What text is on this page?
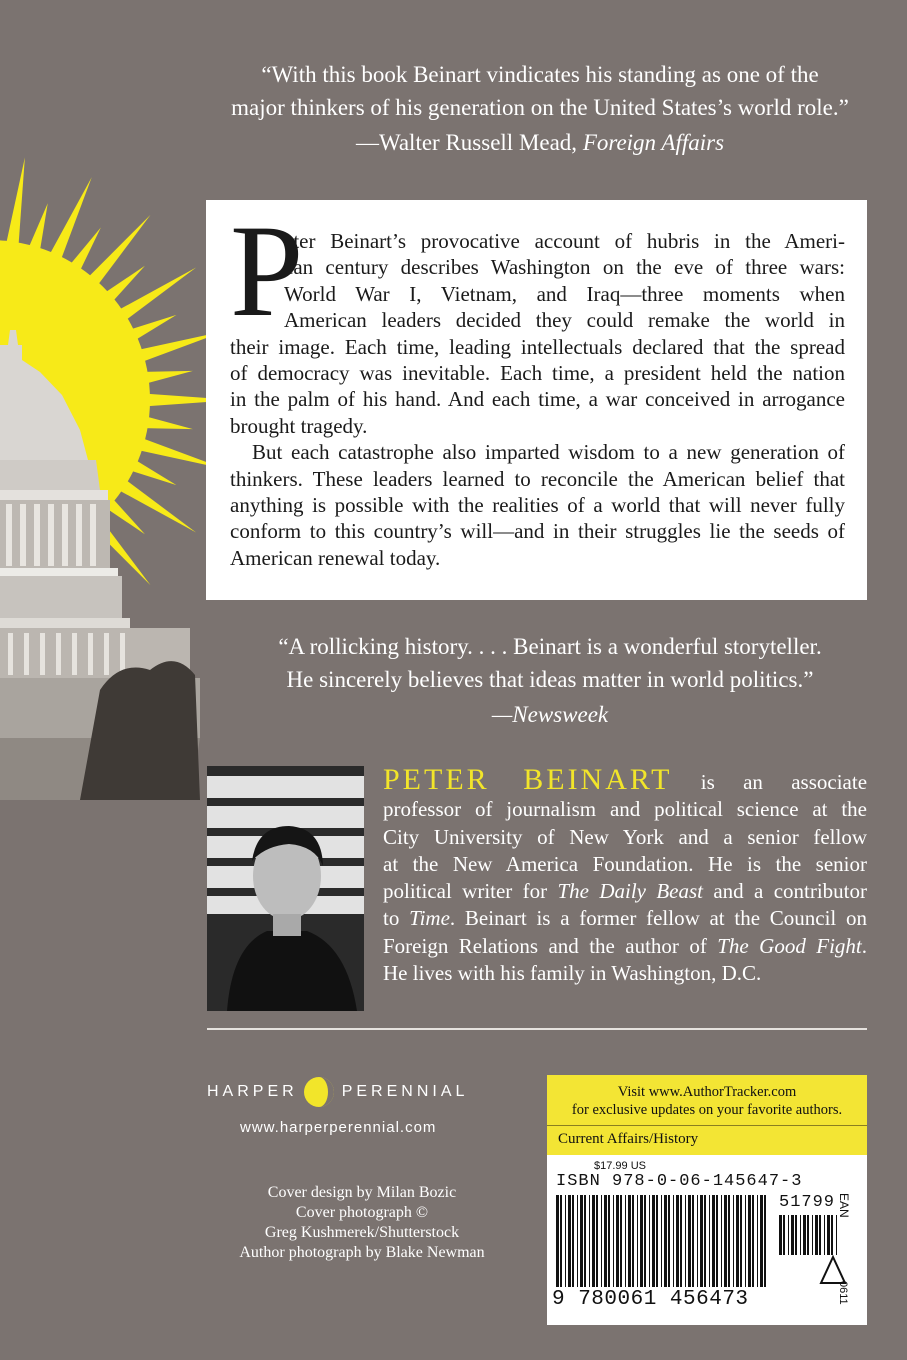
“With this book Beinart vindicates his standing as one of the
major thinkers of his generation on the United States’s world role.”
—Walter Russell Mead, Foreign Affairs
P
eter Beinart’s provocative account of hubris in the Ameri-
can century describes Washington on the eve of three wars:
World War I, Vietnam, and Iraq—three moments when
American leaders decided they could remake the world in
their image. Each time, leading intellectuals declared that the spread
of democracy was inevitable. Each time, a president held the nation
in the palm of his hand. And each time, a war conceived in arrogance
brought tragedy.
But each catastrophe also imparted wisdom to a new generation of
thinkers. These leaders learned to reconcile the American belief that
anything is possible with the realities of a world that will never fully
conform to this country’s will—and in their struggles lie the seeds of
American renewal today.
“A rollicking history. . . . Beinart is a wonderful storyteller.
He sincerely believes that ideas matter in world politics.”
—Newsweek
PETER BEINART is an associate
professor of journalism and political science at the
City University of New York and a senior fellow
at the New America Foundation. He is the senior
political writer for The Daily Beast and a contributor
to Time. Beinart is a former fellow at the Council on
Foreign Relations and the author of The Good Fight.
He lives with his family in Washington, D.C.
HARPER	PERENNIAL
www.harperperennial.com
Cover design by Milan Bozic
Cover photograph ©
Greg Kushmerek/Shutterstock
Author photograph by Blake Newman
Visit www.AuthorTracker.com
for exclusive updates on your favorite authors.
Current Affairs/History
$17.99 US
ISBN 978-0-06-145647-3
51799 EAN
9 780061 456473	0611
